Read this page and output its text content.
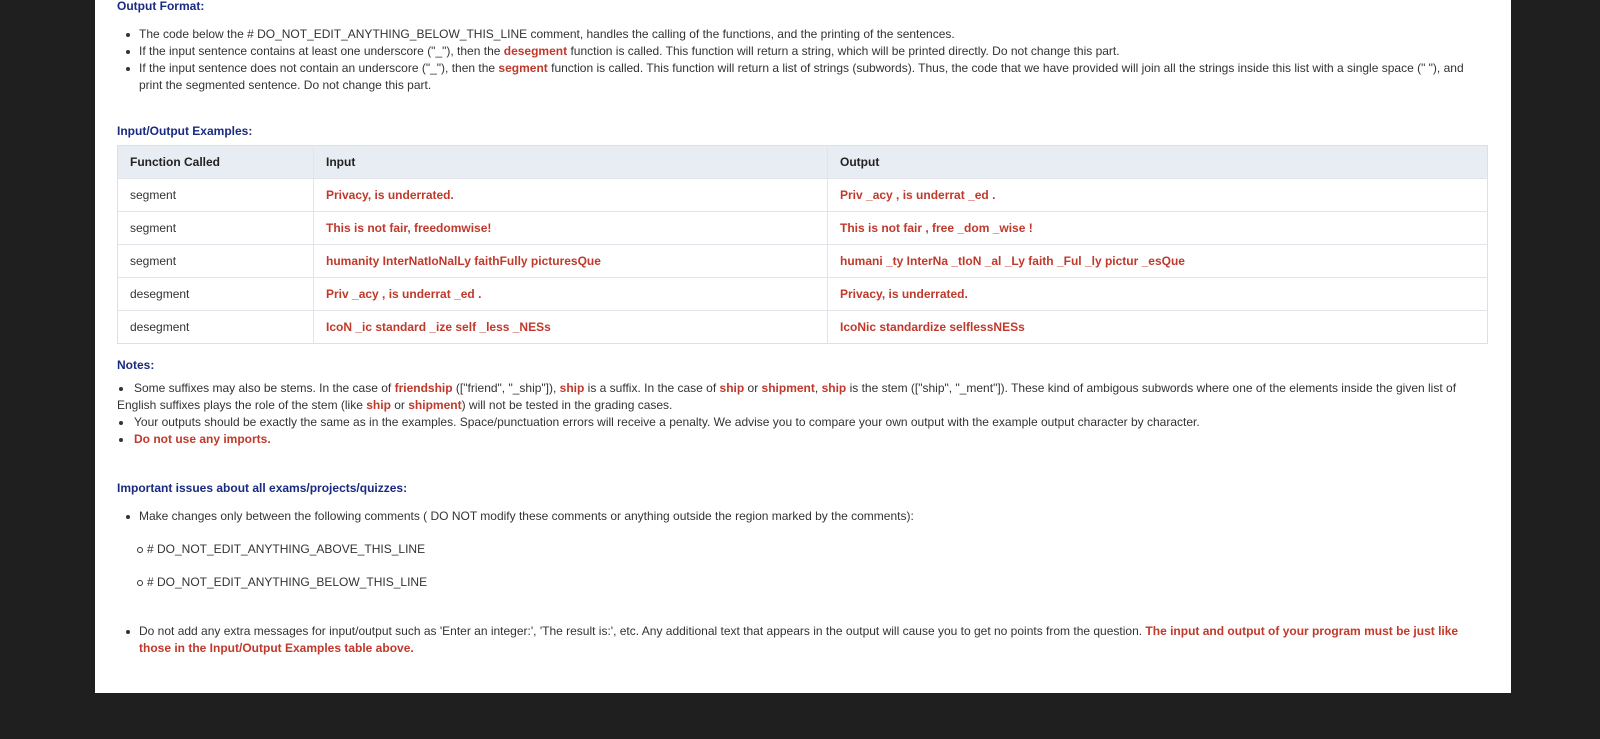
Output Format:
The code below the # DO_NOT_EDIT_ANYTHING_BELOW_THIS_LINE comment, handles the calling of the functions, and the printing of the sentences.
If the input sentence contains at least one underscore ("_"), then the desegment function is called. This function will return a string, which will be printed directly. Do not change this part.
If the input sentence does not contain an underscore ("_"), then the segment function is called. This function will return a list of strings (subwords). Thus, the code that we have provided will join all the strings inside this list with a single space (" "), and print the segmented sentence. Do not change this part.
Input/Output Examples:
Function Called	Input	Output
segment	Privacy, is underrated.	Priv _acy , is underrat _ed .
segment	This is not fair, freedomwise!	This is not fair , free _dom _wise !
segment	humanity InterNatIoNalLy faithFully picturesQue	humani _ty InterNa _tIoN _al _Ly faith _Ful _ly pictur _esQue
desegment	Priv _acy , is underrat _ed .	Privacy, is underrated.
desegment	IcoN _ic standard _ize self _less _NESs	IcoNic standardize selflessNESs
Notes:
Some suffixes may also be stems. In the case of friendship (["friend", "_ship"]), ship is a suffix. In the case of ship or shipment, ship is the stem (["ship", "_ment"]). These kind of ambigous subwords where one of the elements inside the given list of English suffixes plays the role of the stem (like ship or shipment) will not be tested in the grading cases.
Your outputs should be exactly the same as in the examples. Space/punctuation errors will receive a penalty. We advise you to compare your own output with the example output character by character.
Do not use any imports.
Important issues about all exams/projects/quizzes:
Make changes only between the following comments ( DO NOT modify these comments or anything outside the region marked by the comments):
# DO_NOT_EDIT_ANYTHING_ABOVE_THIS_LINE
# DO_NOT_EDIT_ANYTHING_BELOW_THIS_LINE
Do not add any extra messages for input/output such as 'Enter an integer:', 'The result is:', etc. Any additional text that appears in the output will cause you to get no points from the question. The input and output of your program must be just like those in the Input/Output Examples table above.
